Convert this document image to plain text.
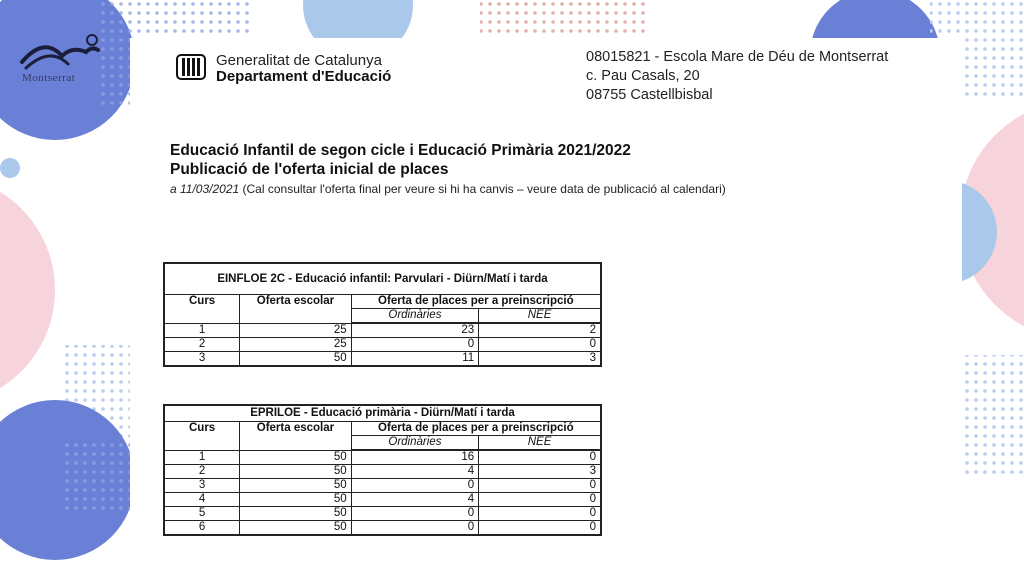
Montserrat
Generalitat de Catalunya
Departament d'Educació
08015821 - Escola Mare de Déu de Montserrat
c. Pau Casals, 20
08755 Castellbisbal
Educació Infantil de segon cicle i Educació Primària 2021/2022
Publicació de l'oferta inicial de places
a 11/03/2021 (Cal consultar l'oferta final per veure si hi ha canvis – veure data de publicació al calendari)
EINFLOE 2C - Educació infantil: Parvulari - Diürn/Matí i tarda			
Curs	Oferta escolar	Oferta de places per a preinscripció	
		Ordinàries	NEE
1	25	23	2
2	25	0	0
3	50	11	3
EPRILOE - Educació primària - Diürn/Matí i tarda			
Curs	Oferta escolar	Oferta de places per a preinscripció	
		Ordinàries	NEE
1	50	16	0
2	50	4	3
3	50	0	0
4	50	4	0
5	50	0	0
6	50	0	0
